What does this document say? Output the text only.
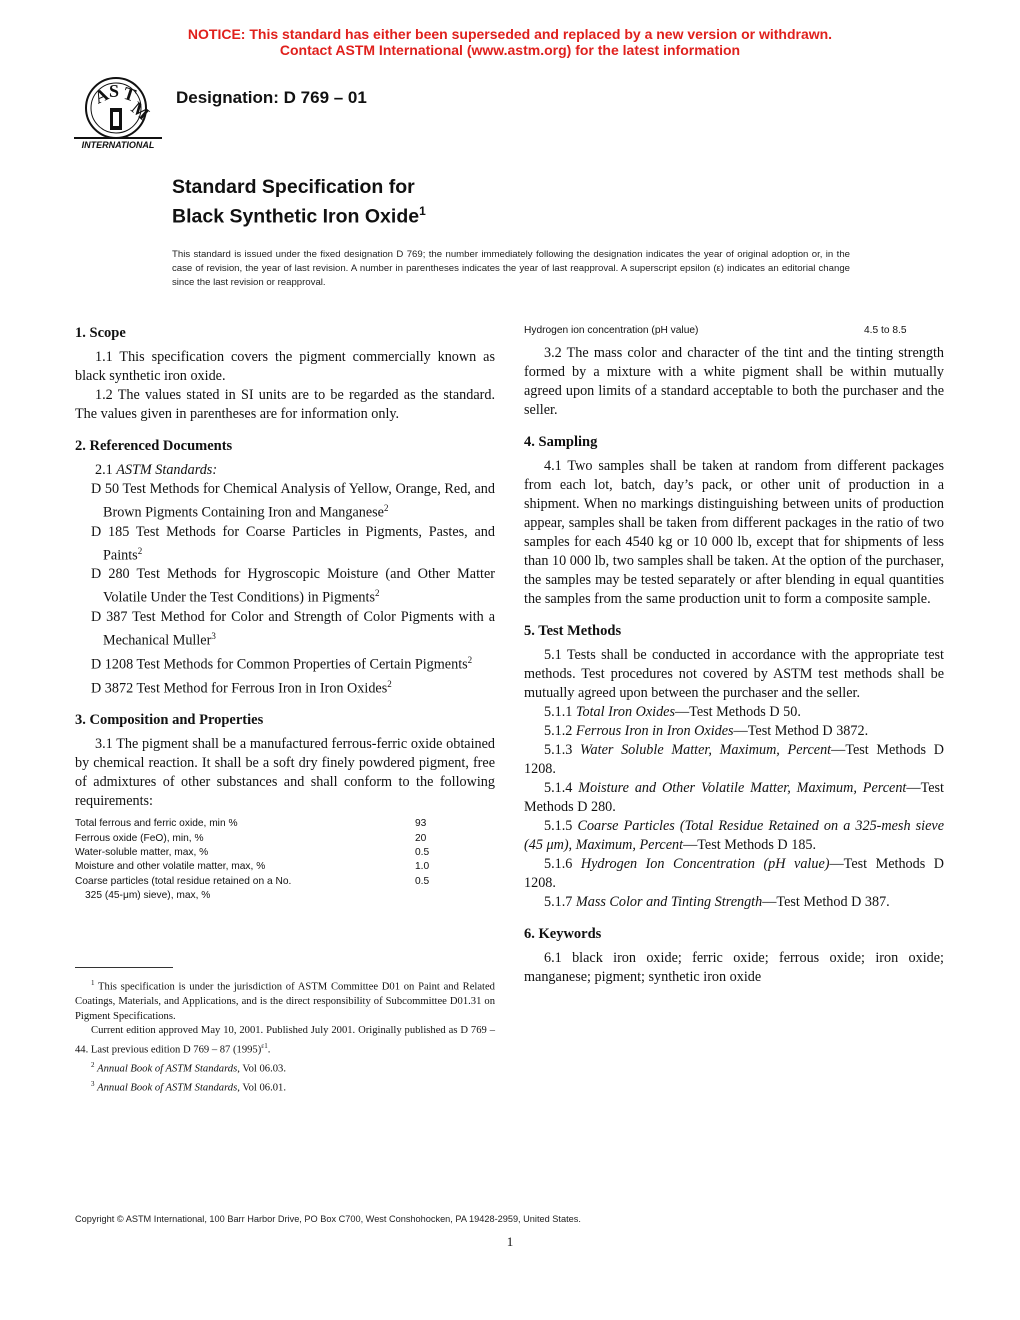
NOTICE: This standard has either been superseded and replaced by a new version or withdrawn.
Contact ASTM International (www.astm.org) for the latest information
A
S T
M
INTERNATIONAL
Designation: D 769 – 01
Standard Specification for
Black Synthetic Iron Oxide$^1$
This standard is issued under the fixed designation D 769; the number immediately following the designation indicates the year of original adoption or, in the case of revision, the year of last revision. A number in parentheses indicates the year of last reapproval. A superscript epsilon (ε) indicates an editorial change since the last revision or reapproval.
1. Scope

1.1 This specification covers the pigment commercially known as black synthetic iron oxide.

1.2 The values stated in SI units are to be regarded as the standard. The values given in parentheses are for information only.

2. Referenced Documents

2.1 ASTM Standards:

D 50 Test Methods for Chemical Analysis of Yellow, Orange, Red, and Brown Pigments Containing Iron and Manganese$^2$

D 185 Test Methods for Coarse Particles in Pigments, Pastes, and Paints$^2$

D 280 Test Methods for Hygroscopic Moisture (and Other Matter Volatile Under the Test Conditions) in Pigments$^2$

D 387 Test Method for Color and Strength of Color Pigments with a Mechanical Muller$^3$

D 1208 Test Methods for Common Properties of Certain Pigments$^2$

D 3872 Test Method for Ferrous Iron in Iron Oxides$^2$

3. Composition and Properties

3.1 The pigment shall be a manufactured ferrous-ferric oxide obtained by chemical reaction. It shall be a soft dry finely powdered pigment, free of admixtures of other substances and shall conform to the following requirements:

Total ferrous and ferric oxide, min %	93
Ferrous oxide (FeO), min, %	20
Water-soluble matter, max, %	0.5
Moisture and other volatile matter, max, %	1.0
Coarse particles (total residue retained on a No.	0.5
325 (45-μm) sieve), max, %

$^1$ This specification is under the jurisdiction of ASTM Committee D01 on Paint and Related Coatings, Materials, and Applications, and is the direct responsibility of Subcommittee D01.31 on Pigment Specifications.

Current edition approved May 10, 2001. Published July 2001. Originally published as D 769 – 44. Last previous edition D 769 – 87 $(1995)^{\varepsilon 1}$.

$^2$ Annual Book of ASTM Standards, Vol 06.03.

$^3$ Annual Book of ASTM Standards, Vol 06.01.

Hydrogen ion concentration (pH value)	4.5 to 8.5

3.2 The mass color and character of the tint and the tinting strength formed by a mixture with a white pigment shall be within mutually agreed upon limits of a standard acceptable to both the purchaser and the seller.

4. Sampling

4.1 Two samples shall be taken at random from different packages from each lot, batch, day’s pack, or other unit of production in a shipment. When no markings distinguishing between units of production appear, samples shall be taken from different packages in the ratio of two samples for each 4540 kg or 10 000 lb, except that for shipments of less than 10 000 lb, two samples shall be taken. At the option of the purchaser, the samples may be tested separately or after blending in equal quantities the samples from the same production unit to form a composite sample.

5. Test Methods

5.1 Tests shall be conducted in accordance with the appropriate test methods. Test procedures not covered by ASTM test methods shall be mutually agreed upon between the purchaser and the seller.

5.1.1 Total Iron Oxides—Test Methods D 50.

5.1.2 Ferrous Iron in Iron Oxides—Test Method D 3872.

5.1.3 Water Soluble Matter, Maximum, Percent—Test Methods D 1208.

5.1.4 Moisture and Other Volatile Matter, Maximum, Percent—Test Methods D 280.

5.1.5 Coarse Particles (Total Residue Retained on a 325-mesh sieve (45 μm), Maximum, Percent—Test Methods D 185.

5.1.6 Hydrogen Ion Concentration (pH value)—Test Methods D 1208.

5.1.7 Mass Color and Tinting Strength—Test Method D 387.

6. Keywords

6.1 black iron oxide; ferric oxide; ferrous oxide; iron oxide; manganese; pigment; synthetic iron oxide

Copyright © ASTM International, 100 Barr Harbor Drive, PO Box C700, West Conshohocken, PA 19428-2959, United States.
1
